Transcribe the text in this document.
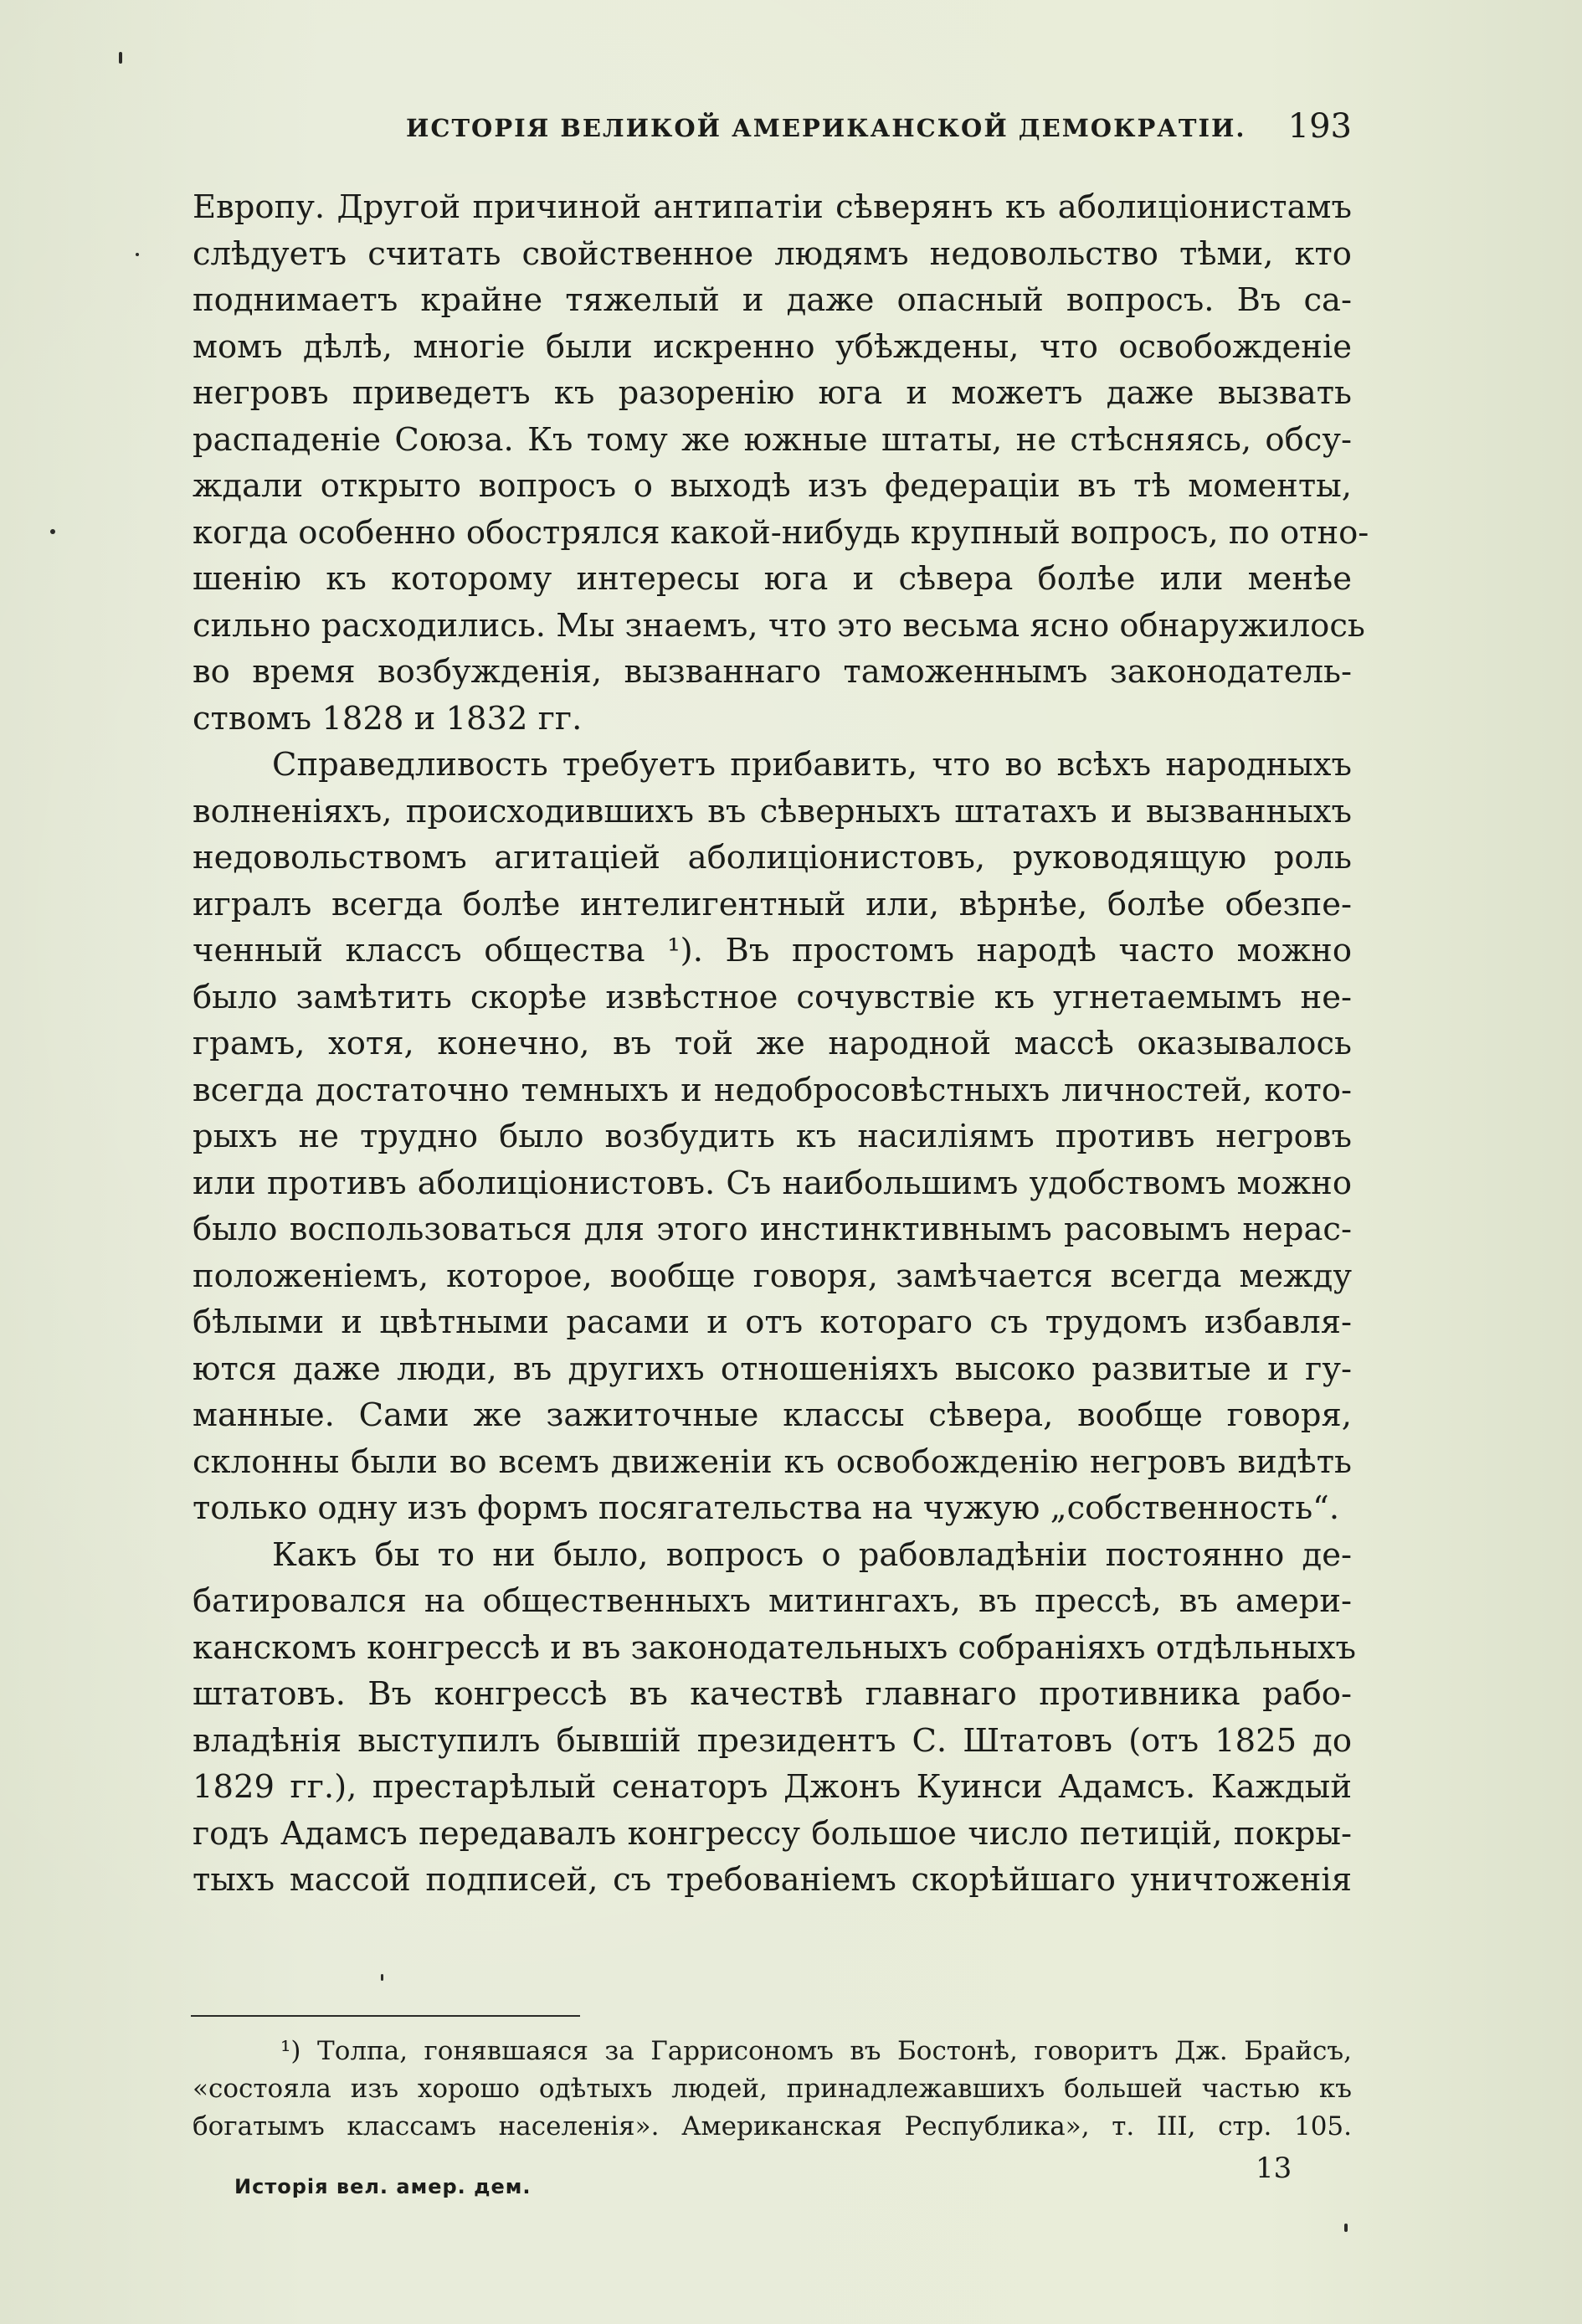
ИСТОРІЯ ВЕЛИКОЙ АМЕРИКАНСКОЙ ДЕМОКРАТІИ. 193
Европу. Другой причиной антипатіи сѣверянъ къ аболиціонистамъ
слѣдуетъ считать свойственное людямъ недовольство тѣми, кто
поднимаетъ крайне тяжелый и даже опасный вопросъ. Въ са-
момъ дѣлѣ, многіе были искренно убѣждены, что освобожденіе
негровъ приведетъ къ разоренію юга и можетъ даже вызвать
распаденіе Союза. Къ тому же южные штаты, не стѣсняясь, обсу-
ждали открыто вопросъ о выходѣ изъ федераціи въ тѣ моменты,
когда особенно обострялся какой-нибудь крупный вопросъ, по отно-
шенію къ которому интересы юга и сѣвера болѣе или менѣе
сильно расходились. Мы знаемъ, что это весьма ясно обнаружилось
во время возбужденія, вызваннаго таможеннымъ законодатель-
ствомъ 1828 и 1832 гг.
Справедливость требуетъ прибавить, что во всѣхъ народныхъ
волненіяхъ, происходившихъ въ сѣверныхъ штатахъ и вызванныхъ
недовольствомъ агитаціей аболиціонистовъ, руководящую роль
игралъ всегда болѣе интелигентный или, вѣрнѣе, болѣе обезпе-
ченный классъ общества ¹). Въ простомъ народѣ часто можно
было замѣтить скорѣе извѣстное сочувствіе къ угнетаемымъ не-
грамъ, хотя, конечно, въ той же народной массѣ оказывалось
всегда достаточно темныхъ и недобросовѣстныхъ личностей, кото-
рыхъ не трудно было возбудить къ насиліямъ противъ негровъ
или противъ аболиціонистовъ. Съ наибольшимъ удобствомъ можно
было воспользоваться для этого инстинктивнымъ расовымъ нерас-
положеніемъ, которое, вообще говоря, замѣчается всегда между
бѣлыми и цвѣтными расами и отъ котораго съ трудомъ избавля-
ются даже люди, въ другихъ отношеніяхъ высоко развитые и гу-
манные. Сами же зажиточные классы сѣвера, вообще говоря,
склонны были во всемъ движеніи къ освобожденію негровъ видѣть
только одну изъ формъ посягательства на чужую „собственность“.
Какъ бы то ни было, вопросъ о рабовладѣніи постоянно де-
батировался на общественныхъ митингахъ, въ прессѣ, въ амери-
канскомъ конгрессѣ и въ законодательныхъ собраніяхъ отдѣльныхъ
штатовъ. Въ конгрессѣ въ качествѣ главнаго противника рабо-
владѣнія выступилъ бывшій президентъ С. Штатовъ (отъ 1825 до
1829 гг.), престарѣлый сенаторъ Джонъ Куинси Адамсъ. Каждый
годъ Адамсъ передавалъ конгрессу большое число петицій, покры-
тыхъ массой подписей, съ требованіемъ скорѣйшаго уничтоженія
¹) Толпа, гонявшаяся за Гаррисономъ въ Бостонѣ, говоритъ Дж. Брайсъ,
«состояла изъ хорошо одѣтыхъ людей, принадлежавшихъ большей частью къ
богатымъ классамъ населенія». Американская Республика», т. III, стр. 105.
13
Исторія вел. амер. дем.
